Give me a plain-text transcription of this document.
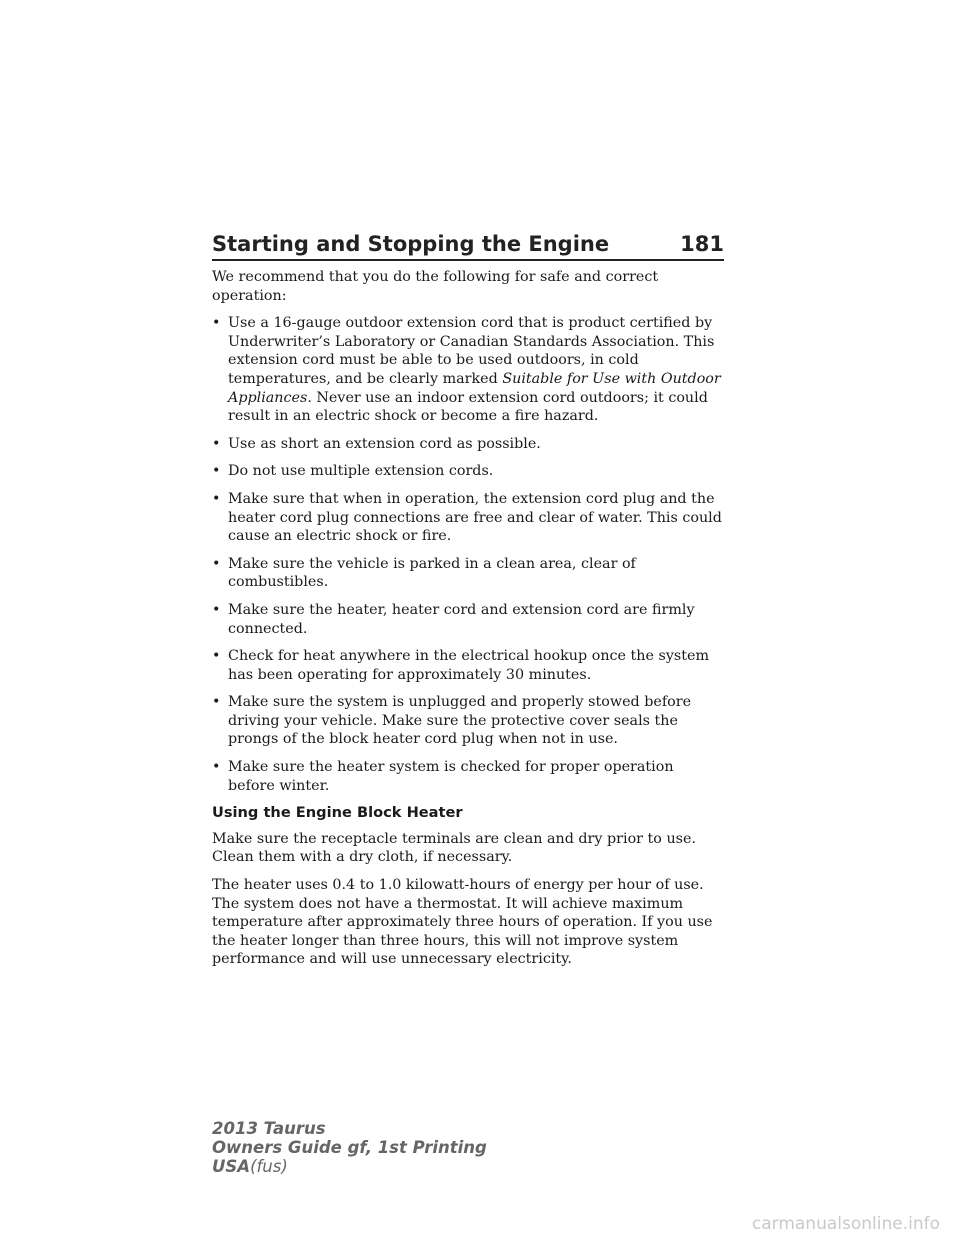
Starting and Stopping the Engine	181

We recommend that you do the following for safe and correct operation:

• Use a 16-gauge outdoor extension cord that is product certified by Underwriter’s Laboratory or Canadian Standards Association. This extension cord must be able to be used outdoors, in cold temperatures, and be clearly marked Suitable for Use with Outdoor Appliances. Never use an indoor extension cord outdoors; it could result in an electric shock or become a fire hazard.
• Use as short an extension cord as possible.
• Do not use multiple extension cords.
• Make sure that when in operation, the extension cord plug and the heater cord plug connections are free and clear of water. This could cause an electric shock or fire.
• Make sure the vehicle is parked in a clean area, clear of combustibles.
• Make sure the heater, heater cord and extension cord are firmly connected.
• Check for heat anywhere in the electrical hookup once the system has been operating for approximately 30 minutes.
• Make sure the system is unplugged and properly stowed before driving your vehicle. Make sure the protective cover seals the prongs of the block heater cord plug when not in use.
• Make sure the heater system is checked for proper operation before winter.
Using the Engine Block Heater

Make sure the receptacle terminals are clean and dry prior to use. Clean them with a dry cloth, if necessary.

The heater uses 0.4 to 1.0 kilowatt-hours of energy per hour of use. The system does not have a thermostat. It will achieve maximum temperature after approximately three hours of operation. If you use the heater longer than three hours, this will not improve system performance and will use unnecessary electricity.

2013 Taurus
Owners Guide gf, 1st Printing
USA(fus)
carmanualsonline.info
